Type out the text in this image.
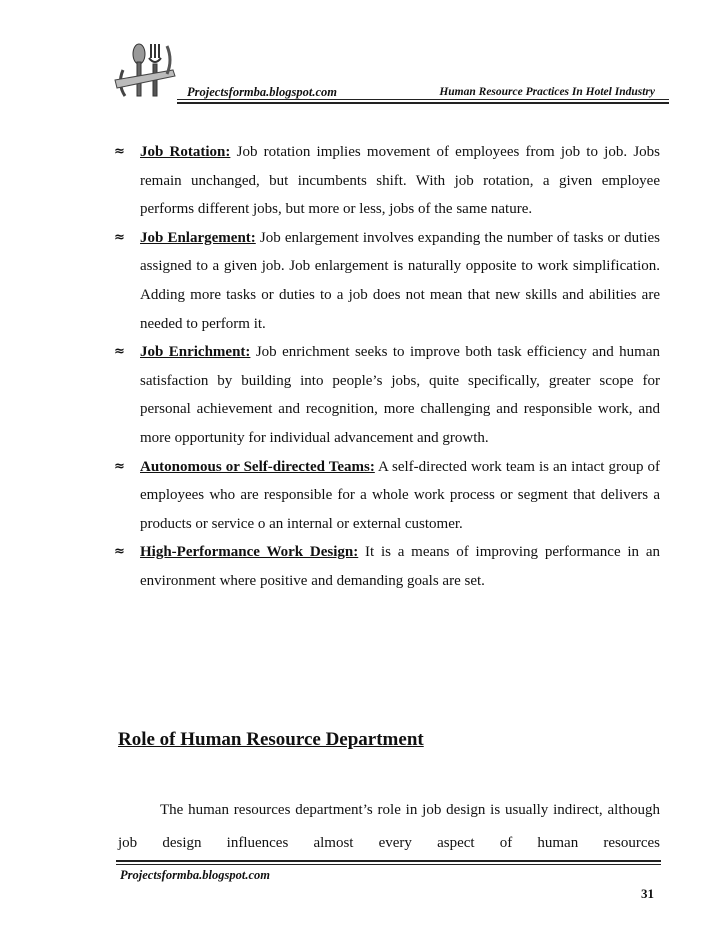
Projectsformba.blogspot.com	Human Resource Practices In Hotel Industry
≈ Job Rotation: Job rotation implies movement of employees from job to job. Jobs remain unchanged, but incumbents shift. With job rotation, a given employee performs different jobs, but more or less, jobs of the same nature.
≈ Job Enlargement: Job enlargement involves expanding the number of tasks or duties assigned to a given job. Job enlargement is naturally opposite to work simplification. Adding more tasks or duties to a job does not mean that new skills and abilities are needed to perform it.
≈ Job Enrichment: Job enrichment seeks to improve both task efficiency and human satisfaction by building into people’s jobs, quite specifically, greater scope for personal achievement and recognition, more challenging and responsible work, and more opportunity for individual advancement and growth.
≈ Autonomous or Self-directed Teams: A self-directed work team is an intact group of employees who are responsible for a whole work process or segment that delivers a products or service o an internal or external customer.
≈ High-Performance Work Design: It is a means of improving performance in an environment where positive and demanding goals are set.
Role of Human Resource Department
The human resources department’s role in job design is usually indirect, although job design influences almost every aspect of human resources
Projectsformba.blogspot.com
31
